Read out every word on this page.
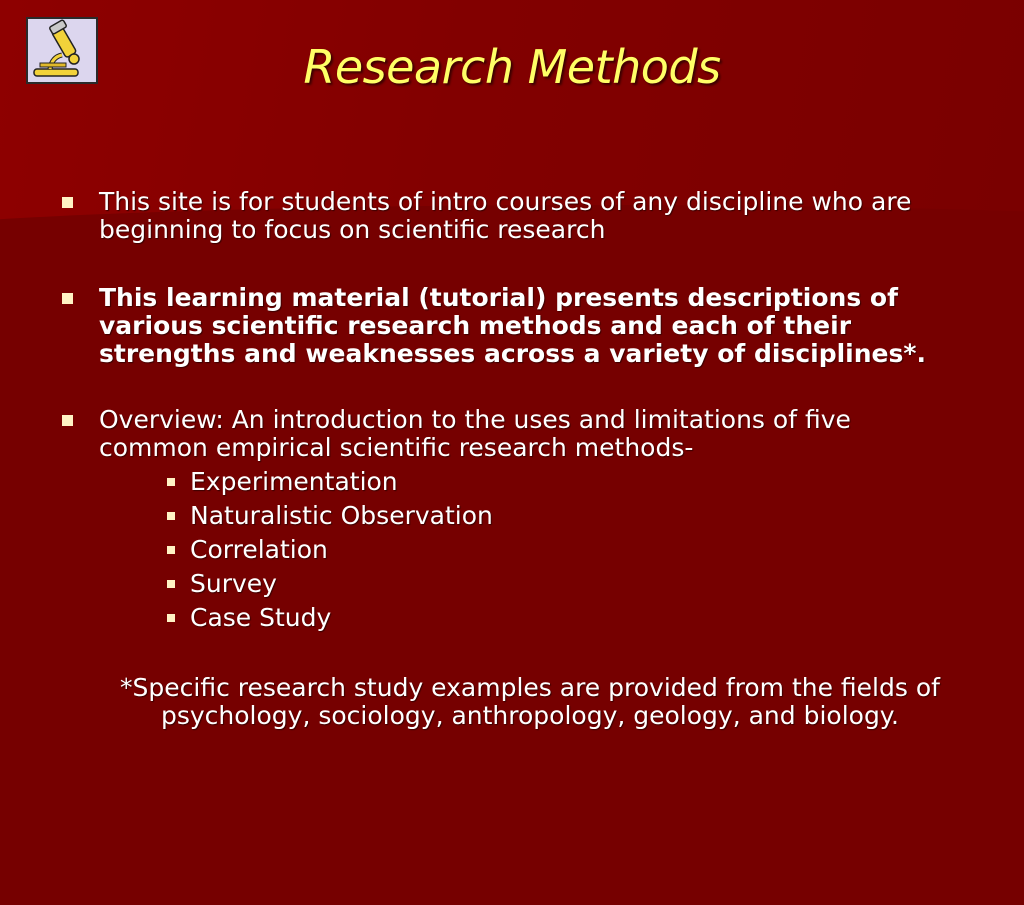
Research Methods
This site is for students of intro courses of any discipline who are beginning to focus on scientific research
This learning material (tutorial) presents descriptions of various scientific research methods and each of their strengths and weaknesses across a variety of disciplines*.
Overview: An introduction to the uses and limitations of five common empirical scientific research methods-
Experimentation
Naturalistic Observation
Correlation
Survey
Case Study
*Specific research study examples are provided from the fields of psychology, sociology, anthropology, geology, and biology.
